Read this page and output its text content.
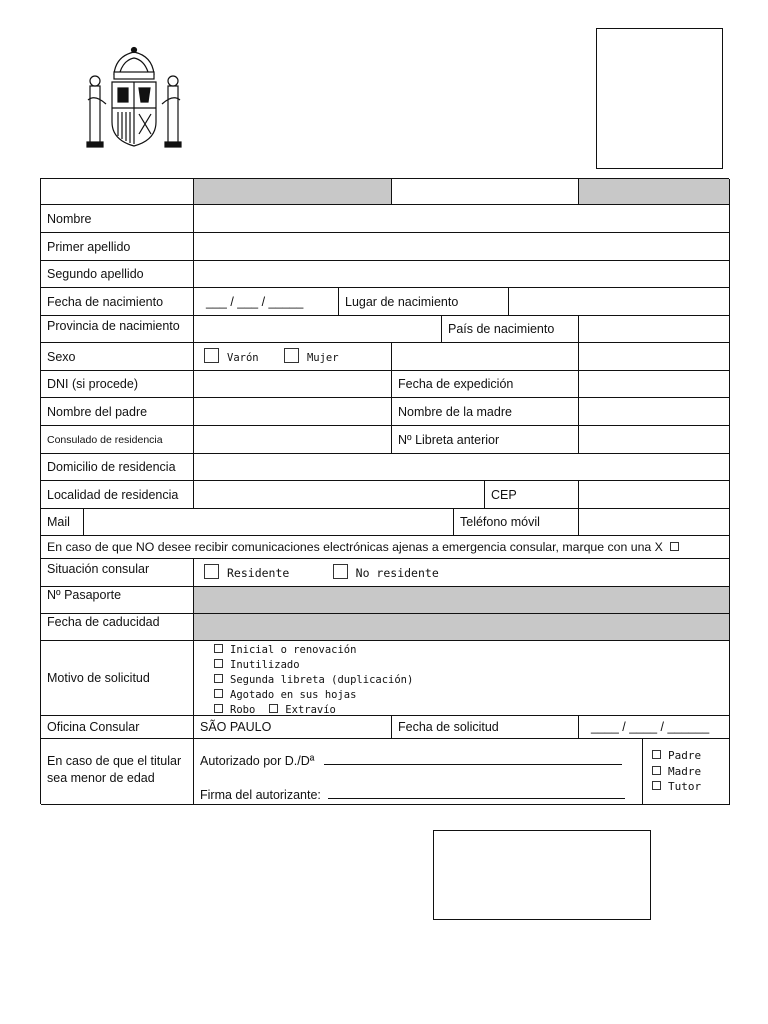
Nombre
Primer apellido
Segundo apellido
Fecha de nacimiento	___ / ___ / _____	Lugar de nacimiento
Provincia de nacimiento	País de nacimiento
Sexo	Varón	Mujer
DNI (si procede)	Fecha de expedición
Nombre del padre	Nombre de la madre
Consulado de residencia	Nº Libreta anterior
Domicilio de residencia
Localidad de residencia	CEP
Mail	Teléfono móvil
En caso de que NO desee recibir comunicaciones electrónicas ajenas a emergencia consular, marque con una X
Situación consular	Residente	No residente
Nº Pasaporte
Fecha de caducidad
Motivo de solicitud
Inicial o renovación
Inutilizado
Segunda libreta (duplicación)
Agotado en sus hojas
Robo	Extravío
Oficina Consular	SÃO PAULO	Fecha de solicitud	____ / ____ / ______
En caso de que el titular sea menor de edad
Autorizado por D./Dª
Firma del autorizante:
Padre
Madre
Tutor
